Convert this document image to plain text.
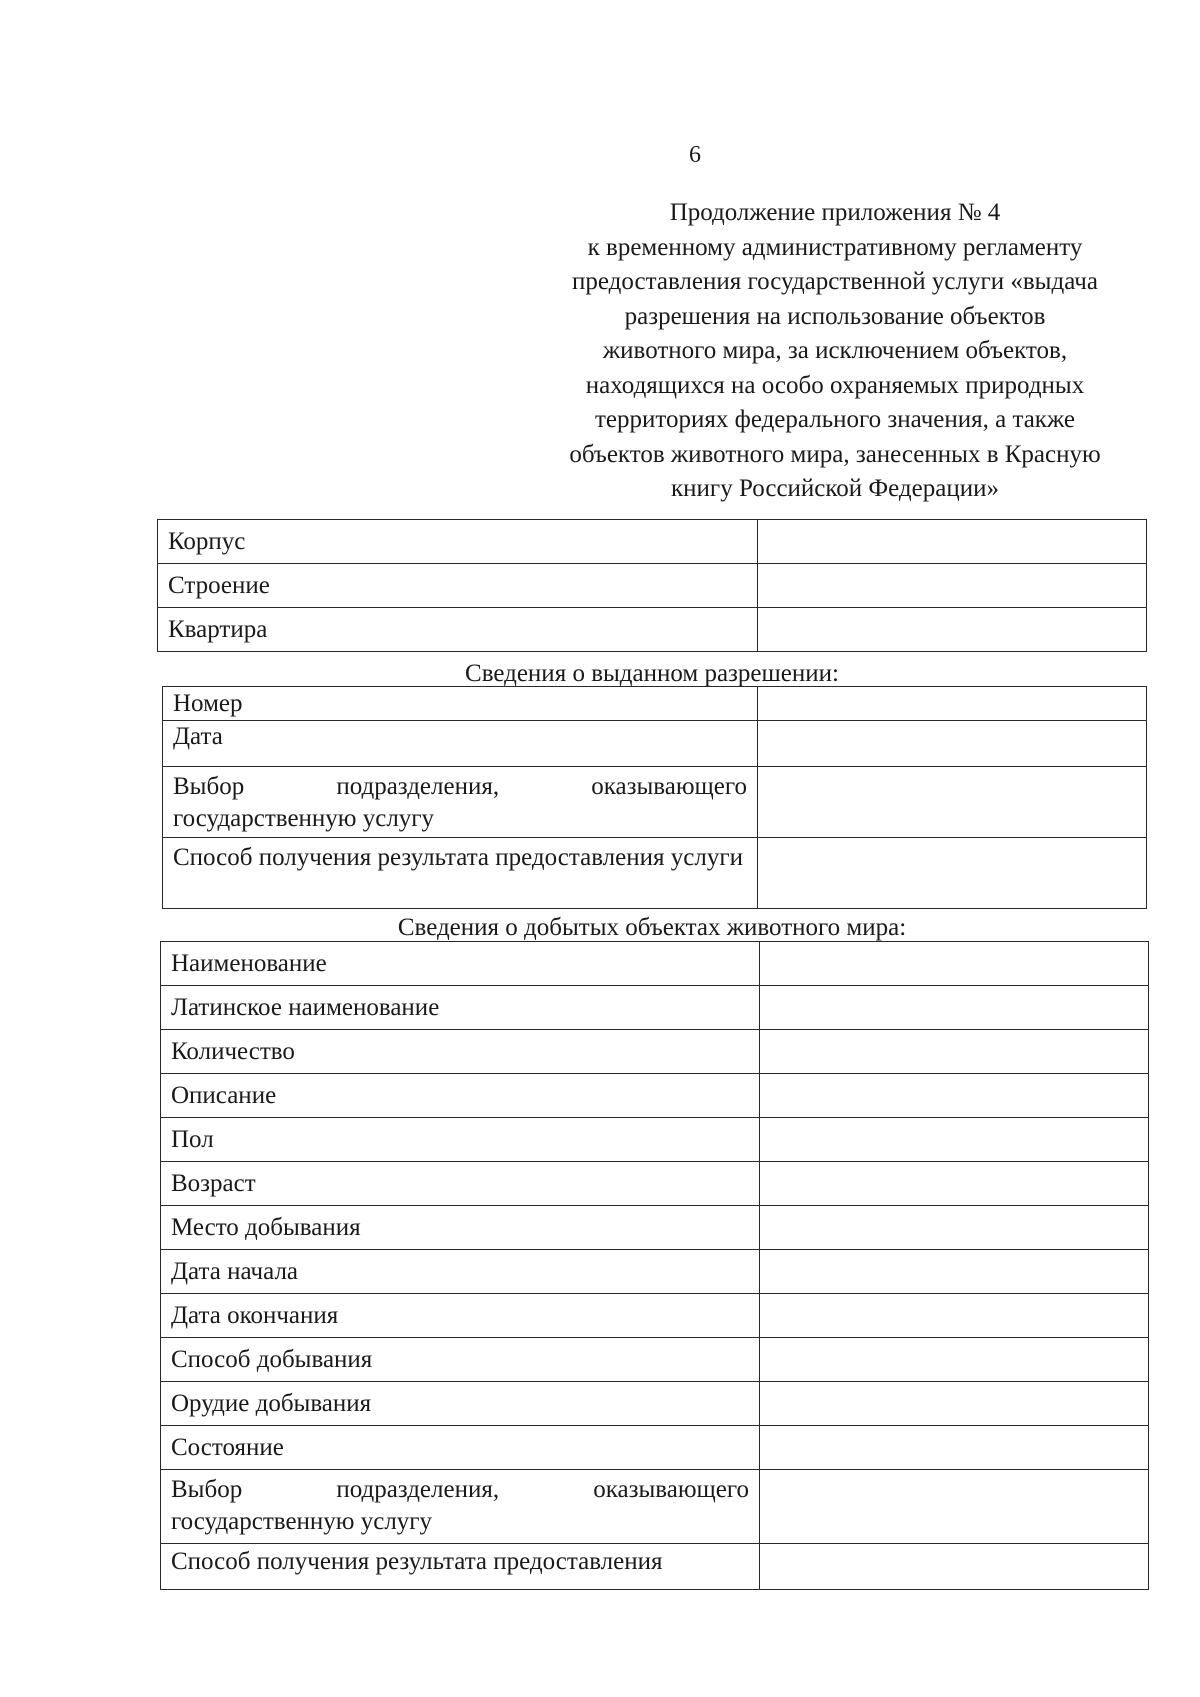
6
Продолжение приложения № 4
к временному административному регламенту
предоставления государственной услуги «выдача
разрешения на использование объектов
животного мира, за исключением объектов,
находящихся на особо охраняемых природных
территориях федерального значения, а также
объектов животного мира, занесенных в Красную
книгу Российской Федерации»
Корпус	
Строение	
Квартира	
Сведения о выданном разрешении:
Номер	
Дата	
Выбор подразделения, оказывающего государственную услугу	
Способ получения результата предоставления услуги	
Сведения о добытых объектах животного мира:
Наименование	
Латинское наименование	
Количество	
Описание	
Пол	
Возраст	
Место добывания	
Дата начала	
Дата окончания	
Способ добывания	
Орудие добывания	
Состояние	
Выбор подразделения, оказывающего государственную услугу	
Способ получения результата предоставления	
